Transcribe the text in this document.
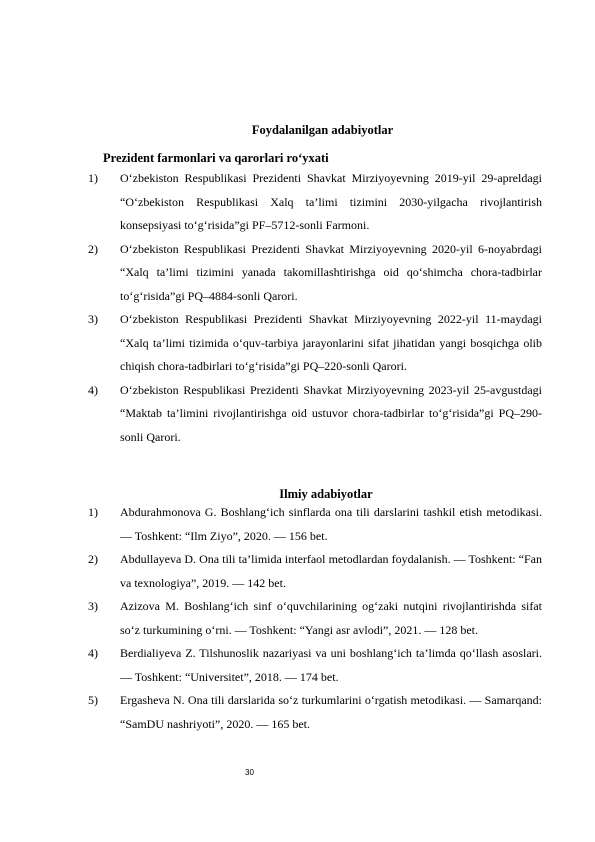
Foydalanilgan adabiyotlar
Prezident farmonlari va qarorlari ro‘yxati
1) O‘zbekiston Respublikasi Prezidenti Shavkat Mirziyoyevning 2019-yil 29-apreldagi “O‘zbekiston Respublikasi Xalq ta’limi tizimini 2030-yilgacha rivojlantirish konsepsiyasi to‘g‘risida”gi PF–5712-sonli Farmoni.
2) O‘zbekiston Respublikasi Prezidenti Shavkat Mirziyoyevning 2020-yil 6-noyabrdagi “Xalq ta’limi tizimini yanada takomillashtirishga oid qo‘shimcha chora-tadbirlar to‘g‘risida”gi PQ–4884-sonli Qarori.
3) O‘zbekiston Respublikasi Prezidenti Shavkat Mirziyoyevning 2022-yil 11-maydagi “Xalq ta’limi tizimida o‘quv-tarbiya jarayonlarini sifat jihatidan yangi bosqichga olib chiqish chora-tadbirlari to‘g‘risida”gi PQ–220-sonli Qarori.
4) O‘zbekiston Respublikasi Prezidenti Shavkat Mirziyoyevning 2023-yil 25-avgustdagi “Maktab ta’limini rivojlantirishga oid ustuvor chora-tadbirlar to‘g‘risida”gi PQ–290-sonli Qarori.
Ilmiy adabiyotlar
1) Abdurahmonova G. Boshlang‘ich sinflarda ona tili darslarini tashkil etish metodikasi. — Toshkent: “Ilm Ziyo”, 2020. — 156 bet.
2) Abdullayeva D. Ona tili ta’limida interfaol metodlardan foydalanish. — Toshkent: “Fan va texnologiya”, 2019. — 142 bet.
3) Azizova M. Boshlang‘ich sinf o‘quvchilarining og‘zaki nutqini rivojlantirishda sifat so‘z turkumining o‘rni. — Toshkent: “Yangi asr avlodi”, 2021. — 128 bet.
4) Berdialiyeva Z. Tilshunoslik nazariyasi va uni boshlang‘ich ta’limda qo‘llash asoslari. — Toshkent: “Universitet”, 2018. — 174 bet.
5) Ergasheva N. Ona tili darslarida so‘z turkumlarini o‘rgatish metodikasi. — Samarqand: “SamDU nashriyoti”, 2020. — 165 bet.
30
